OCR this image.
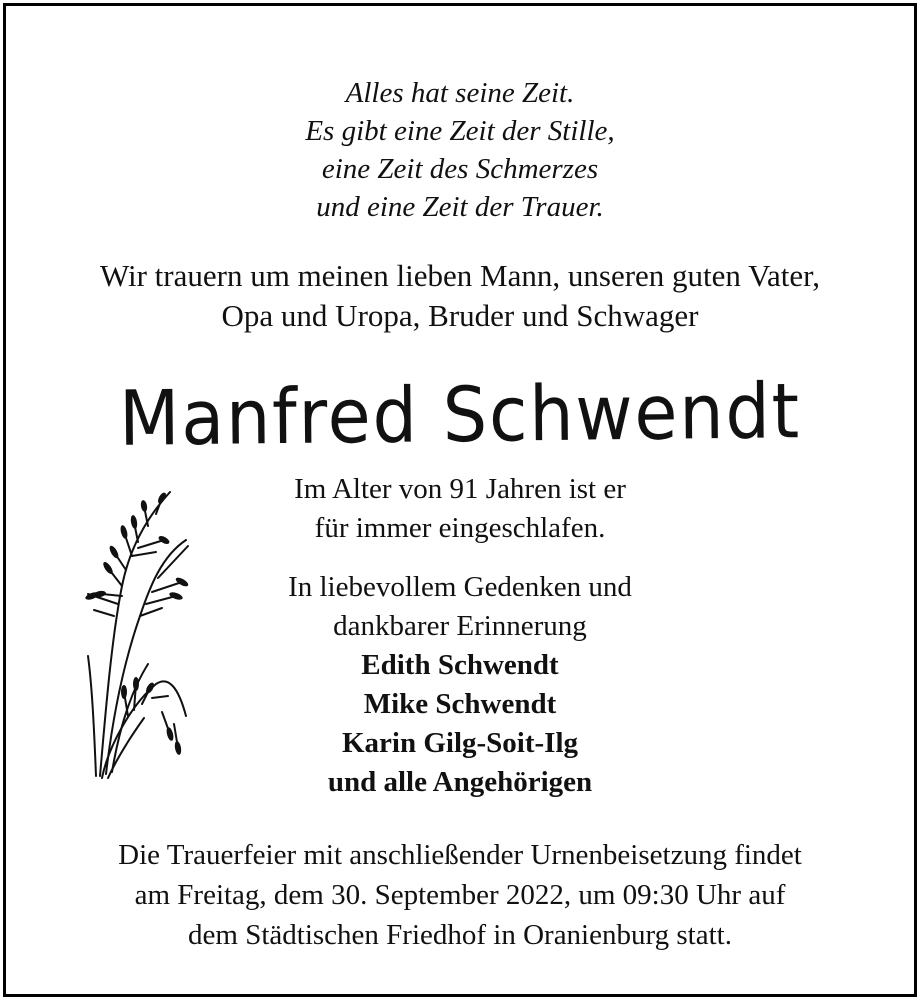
Alles hat seine Zeit.
Es gibt eine Zeit der Stille,
eine Zeit des Schmerzes
und eine Zeit der Trauer.
Wir trauern um meinen lieben Mann, unseren guten Vater,
Opa und Uropa, Bruder und Schwager
Manfred Schwendt
Im Alter von 91 Jahren ist er
für immer eingeschlafen.
In liebevollem Gedenken und
dankbarer Erinnerung
Edith Schwendt
Mike Schwendt
Karin Gilg-Soit-Ilg
und alle Angehörigen
Die Trauerfeier mit anschließender Urnenbeisetzung findet
am Freitag, dem 30. September 2022, um 09:30 Uhr auf
dem Städtischen Friedhof in Oranienburg statt.
